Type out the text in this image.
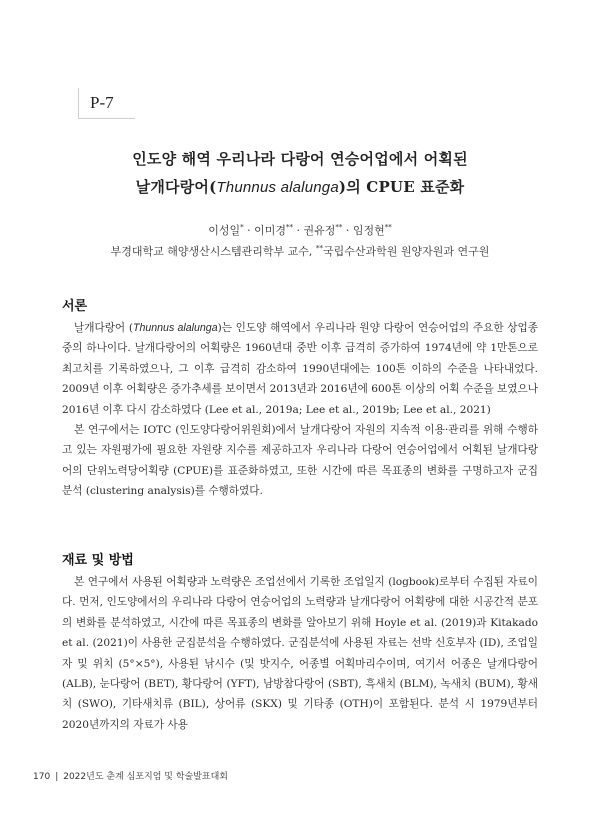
P-7
인도양 해역 우리나라 다랑어 연승어업에서 어획된
날개다랑어(Thunnus alalunga)의 CPUE 표준화
이성일* · 이미경** · 권유정** · 임정현**
부경대학교 해양생산시스템관리학부 교수, **국립수산과학원 원양자원과 연구원
서론

날개다랑어 (Thunnus alalunga)는 인도양 해역에서 우리나라 원양 다랑어 연승어업의 주요한 상업종 중의 하나이다. 날개다랑어의 어획량은 1960년대 중반 이후 급격히 증가하여 1974년에 약 1만톤으로 최고치를 기록하였으나, 그 이후 급격히 감소하여 1990년대에는 100톤 이하의 수준을 나타내었다. 2009년 이후 어획량은 증가추세를 보이면서 2013년과 2016년에 600톤 이상의 어획 수준을 보였으나 2016년 이후 다시 감소하였다 (Lee et al., 2019a; Lee et al., 2019b; Lee et al., 2021)

본 연구에서는 IOTC (인도양다랑어위원회)에서 날개다랑어 자원의 지속적 이용·관리를 위해 수행하고 있는 자원평가에 필요한 자원량 지수를 제공하고자 우리나라 다랑어 연승어업에서 어획된 날개다랑어의 단위노력당어획량 (CPUE)를 표준화하였고, 또한 시간에 따른 목표종의 변화를 구명하고자 군집분석 (clustering analysis)를 수행하였다.

재료 및 방법

본 연구에서 사용된 어획량과 노력량은 조업선에서 기록한 조업일지 (logbook)로부터 수집된 자료이다. 먼저, 인도양에서의 우리나라 다랑어 연승어업의 노력량과 날개다랑어 어획량에 대한 시공간적 분포의 변화를 분석하였고, 시간에 따른 목표종의 변화를 알아보기 위해 Hoyle et al. (2019)과 Kitakado et al. (2021)이 사용한 군집분석을 수행하였다. 군집분석에 사용된 자료는 선박 신호부자 (ID), 조업일자 및 위치 (5°×5°), 사용된 낚시수 (및 밧지수, 어종별 어획마리수이며, 여기서 어종은 날개다랑어 (ALB), 눈다랑어 (BET), 황다랑어 (YFT), 남방참다랑어 (SBT), 흑새치 (BLM), 녹새치 (BUM), 황새치 (SWO), 기타새치류 (BIL), 상어류 (SKX) 및 기타종 (OTH)이 포함된다. 분석 시 1979년부터 2020년까지의 자료가 사용

170 | 2022년도 춘계 심포지엄 및 학술발표대회
